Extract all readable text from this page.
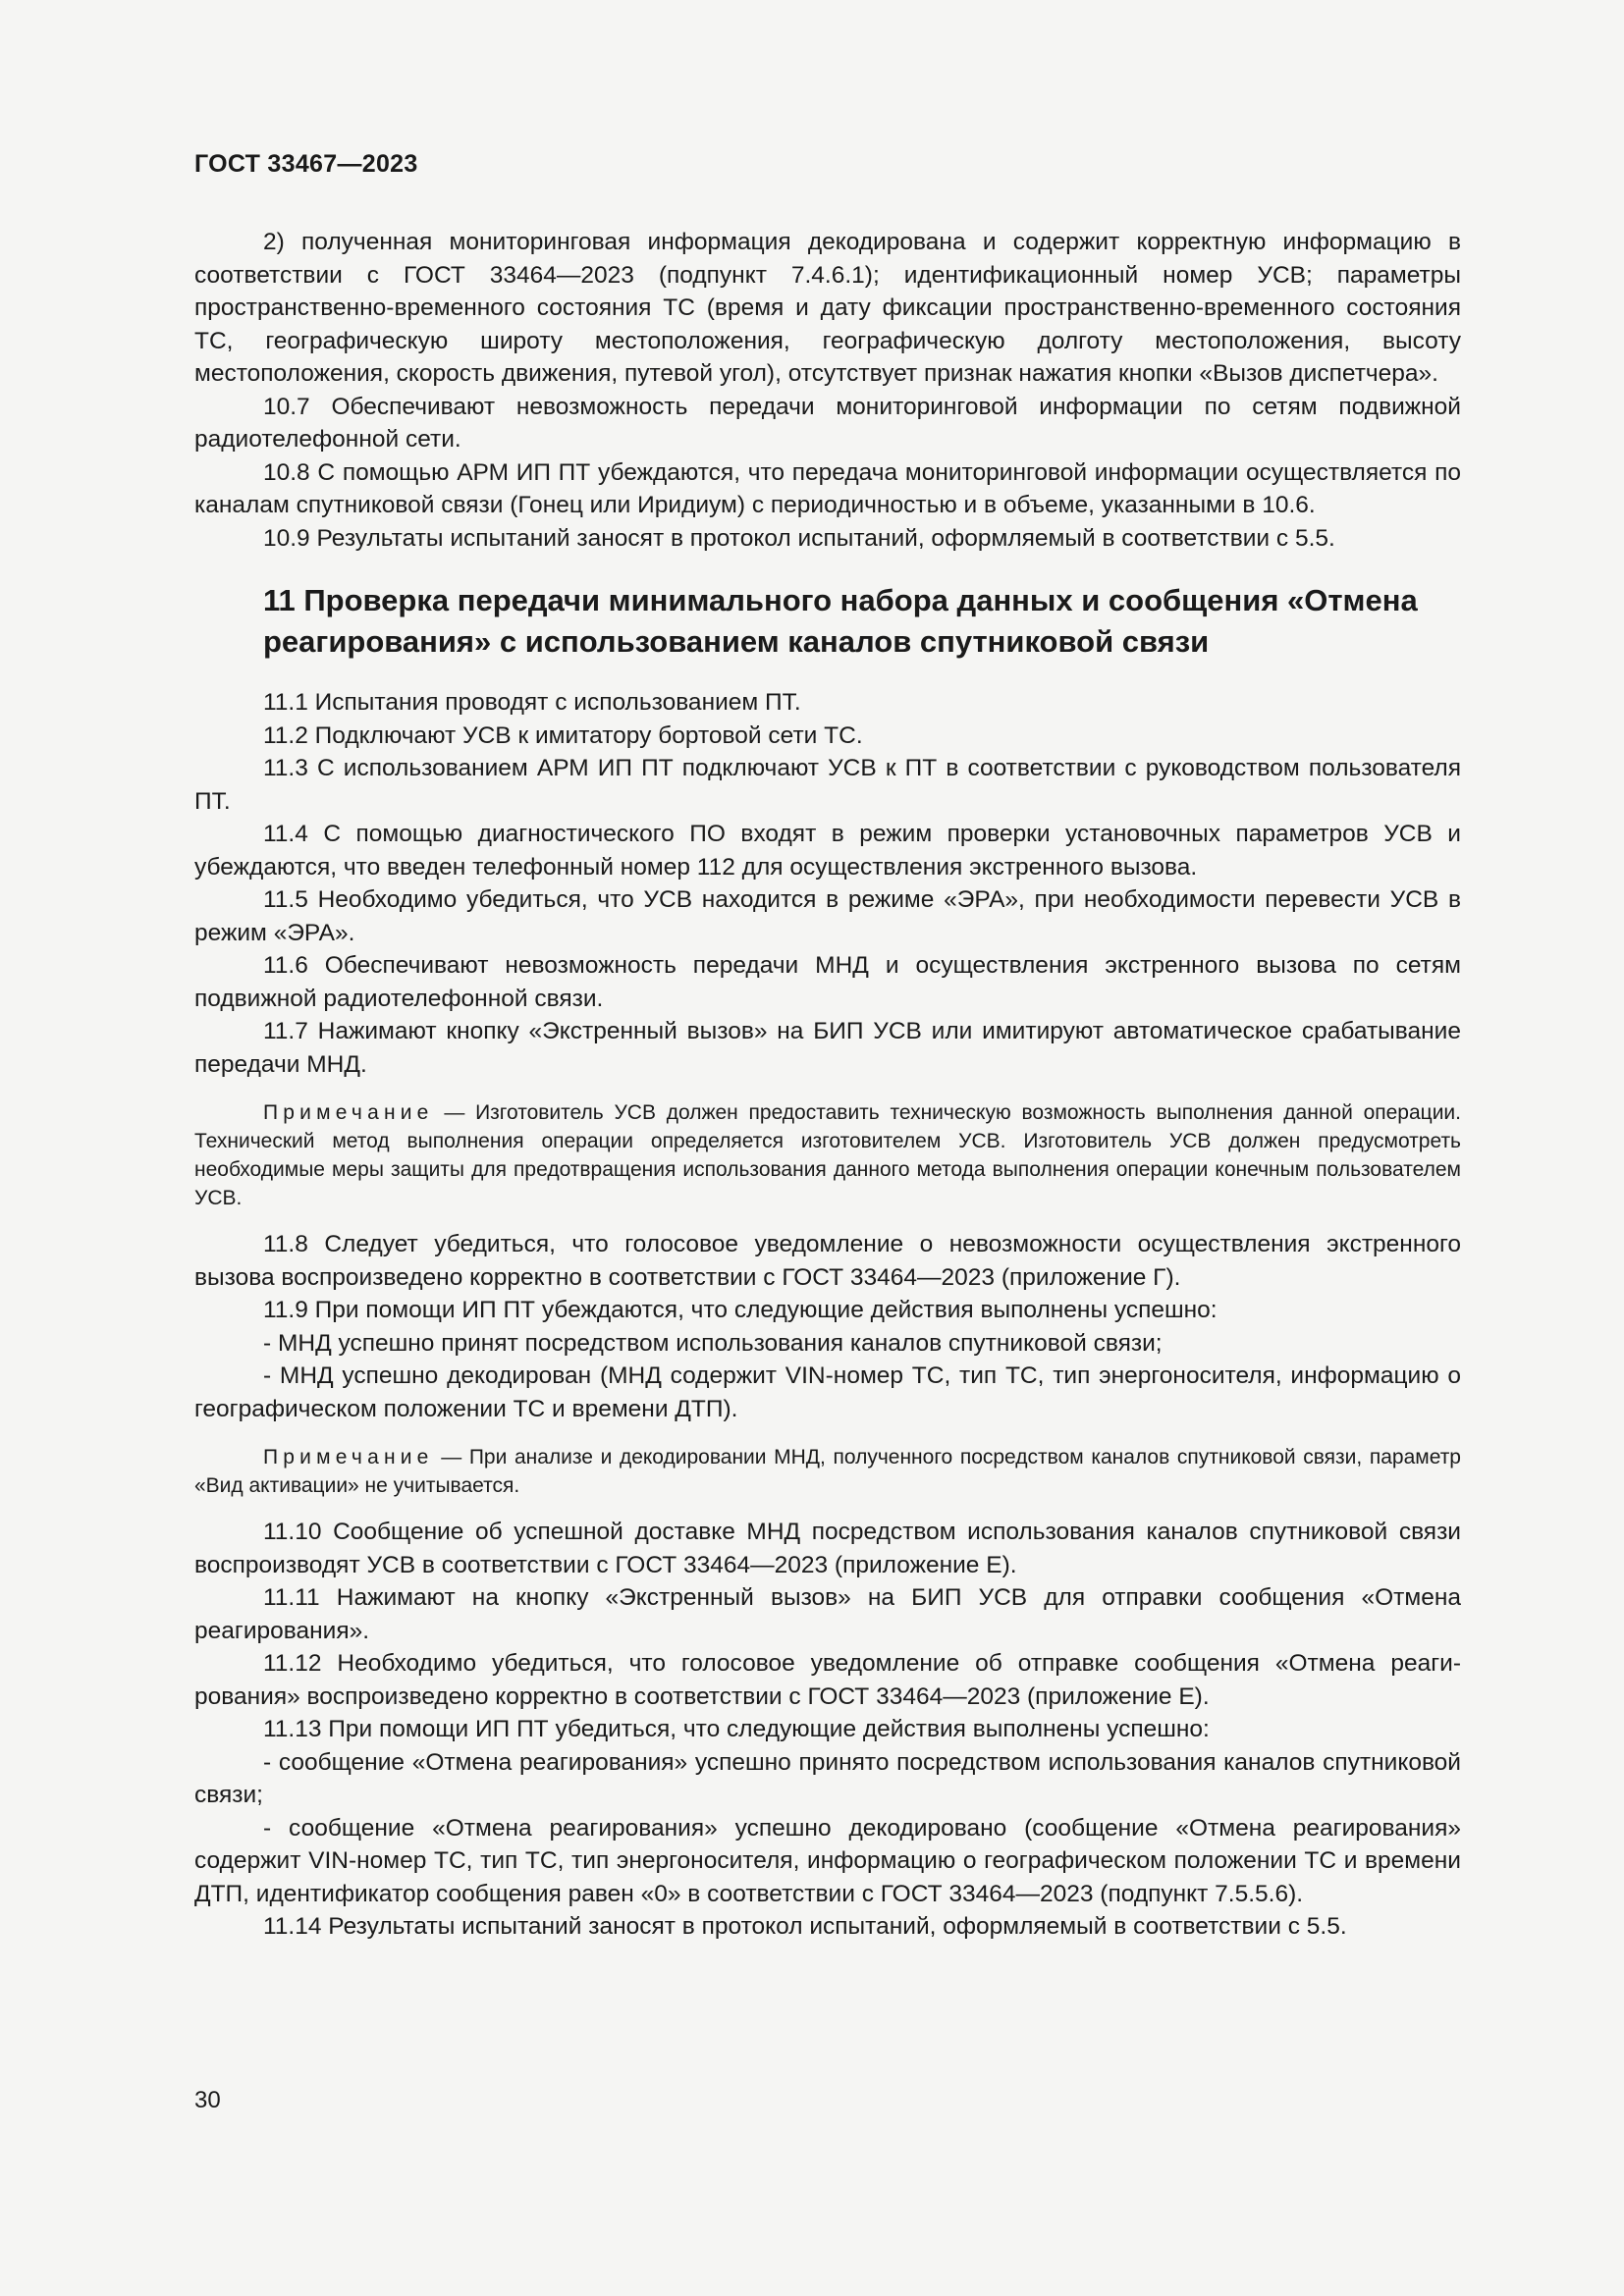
ГОСТ 33467—2023

2) полученная мониторинговая информация декодирована и содержит корректную информацию в соответствии с ГОСТ 33464—2023 (подпункт 7.4.6.1); идентификационный номер УСВ; параметры пространственно-временного состояния ТС (время и дату фиксации пространственно-временного состояния ТС, географическую широту местоположения, географическую долготу местоположения, высоту местоположения, скорость движения, путевой угол), отсутствует признак нажатия кнопки «Вызов диспетчера».

10.7 Обеспечивают невозможность передачи мониторинговой информации по сетям подвижной радиотелефонной сети.

10.8 С помощью АРМ ИП ПТ убеждаются, что передача мониторинговой информации осуществляется по каналам спутниковой связи (Гонец или Иридиум) с периодичностью и в объеме, указанными в 10.6.

10.9 Результаты испытаний заносят в протокол испытаний, оформляемый в соответствии с 5.5.

11 Проверка передачи минимального набора данных и сообщения «Отмена реагирования» с использованием каналов спутниковой связи

11.1 Испытания проводят с использованием ПТ.

11.2 Подключают УСВ к имитатору бортовой сети ТС.

11.3 С использованием АРМ ИП ПТ подключают УСВ к ПТ в соответствии с руководством пользователя ПТ.

11.4 С помощью диагностического ПО входят в режим проверки установочных параметров УСВ и убеждаются, что введен телефонный номер 112 для осуществления экстренного вызова.

11.5 Необходимо убедиться, что УСВ находится в режиме «ЭРА», при необходимости перевести УСВ в режим «ЭРА».

11.6 Обеспечивают невозможность передачи МНД и осуществления экстренного вызова по сетям подвижной радиотелефонной связи.

11.7 Нажимают кнопку «Экстренный вызов» на БИП УСВ или имитируют автоматическое срабатывание передачи МНД.

Примечание — Изготовитель УСВ должен предоставить техническую возможность выполнения данной операции. Технический метод выполнения операции определяется изготовителем УСВ. Изготовитель УСВ должен предусмотреть необходимые меры защиты для предотвращения использования данного метода выполнения операции конечным пользователем УСВ.

11.8 Следует убедиться, что голосовое уведомление о невозможности осуществления экстренного вызова воспроизведено корректно в соответствии с ГОСТ 33464—2023 (приложение Г).

11.9 При помощи ИП ПТ убеждаются, что следующие действия выполнены успешно:

- МНД успешно принят посредством использования каналов спутниковой связи;

- МНД успешно декодирован (МНД содержит VIN-номер ТС, тип ТС, тип энергоносителя, информацию о географическом положении ТС и времени ДТП).

Примечание — При анализе и декодировании МНД, полученного посредством каналов спутниковой связи, параметр «Вид активации» не учитывается.

11.10 Сообщение об успешной доставке МНД посредством использования каналов спутниковой связи воспроизводят УСВ в соответствии с ГОСТ 33464—2023 (приложение Е).

11.11 Нажимают на кнопку «Экстренный вызов» на БИП УСВ для отправки сообщения «Отмена реагирования».

11.12 Необходимо убедиться, что голосовое уведомление об отправке сообщения «Отмена реагирования» воспроизведено корректно в соответствии с ГОСТ 33464—2023 (приложение Е).

11.13 При помощи ИП ПТ убедиться, что следующие действия выполнены успешно:

- сообщение «Отмена реагирования» успешно принято посредством использования каналов спутниковой связи;

- сообщение «Отмена реагирования» успешно декодировано (сообщение «Отмена реагирования» содержит VIN-номер ТС, тип ТС, тип энергоносителя, информацию о географическом положении ТС и времени ДТП, идентификатор сообщения равен «0» в соответствии с ГОСТ 33464—2023 (подпункт 7.5.5.6).

11.14 Результаты испытаний заносят в протокол испытаний, оформляемый в соответствии с 5.5.

30
